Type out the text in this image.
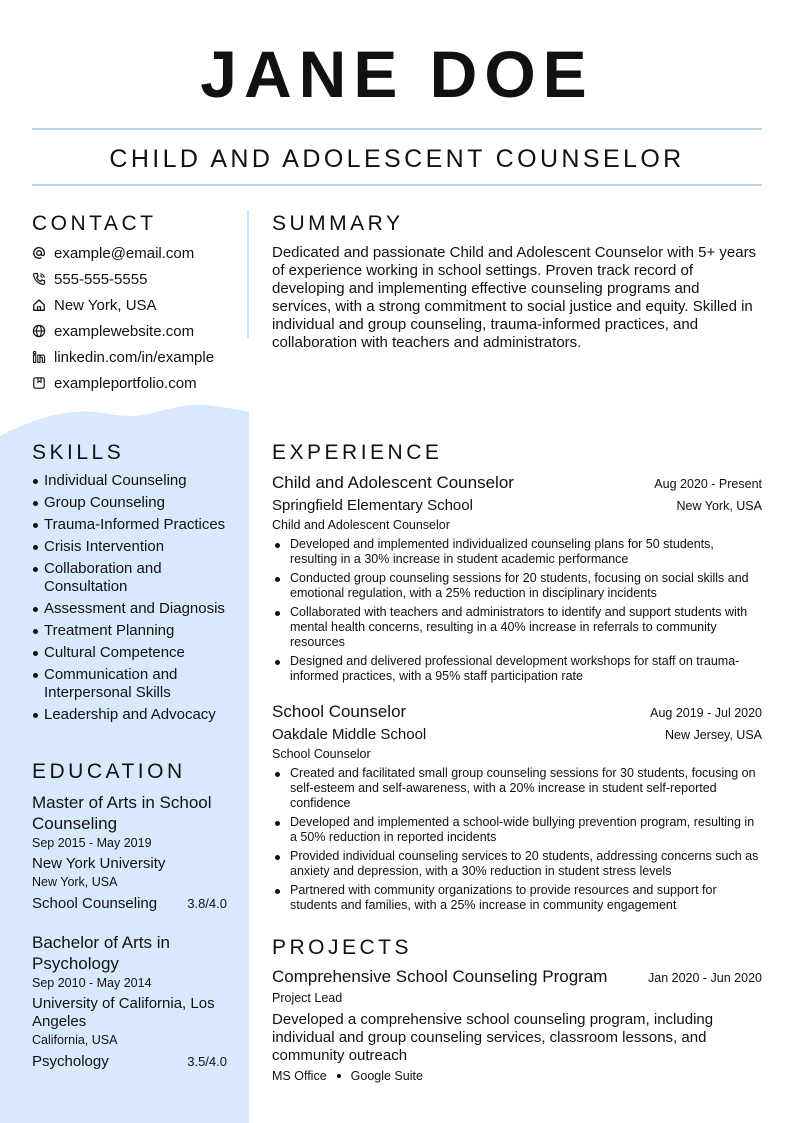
JANE DOE
CHILD AND ADOLESCENT COUNSELOR
CONTACT
example@email.com
555-555-5555
New York, USA
examplewebsite.com
linkedin.com/in/example
exampleportfolio.com
SKILLS
Individual Counseling
Group Counseling
Trauma-Informed Practices
Crisis Intervention
Collaboration and Consultation
Assessment and Diagnosis
Treatment Planning
Cultural Competence
Communication and Interpersonal Skills
Leadership and Advocacy
EDUCATION
Master of Arts in School Counseling
Sep 2015 - May 2019
New York University
New York, USA
School Counseling 3.8/4.0
Bachelor of Arts in Psychology
Sep 2010 - May 2014
University of California, Los Angeles
California, USA
Psychology	3.5/4.0
SUMMARY
Dedicated and passionate Child and Adolescent Counselor with 5+ years of experience working in school settings. Proven track record of developing and implementing effective counseling programs and services, with a strong commitment to social justice and equity. Skilled in individual and group counseling, trauma-informed practices, and collaboration with teachers and administrators.
EXPERIENCE
Child and Adolescent Counselor	Aug 2020 - Present
Springfield Elementary School	New York, USA
Child and Adolescent Counselor
Developed and implemented individualized counseling plans for 50 students, resulting in a 30% increase in student academic performance
Conducted group counseling sessions for 20 students, focusing on social skills and emotional regulation, with a 25% reduction in disciplinary incidents
Collaborated with teachers and administrators to identify and support students with mental health concerns, resulting in a 40% increase in referrals to community resources
Designed and delivered professional development workshops for staff on trauma-informed practices, with a 95% staff participation rate
School Counselor	Aug 2019 - Jul 2020
Oakdale Middle School	New Jersey, USA
School Counselor
Created and facilitated small group counseling sessions for 30 students, focusing on self-esteem and self-awareness, with a 20% increase in student self-reported confidence
Developed and implemented a school-wide bullying prevention program, resulting in a 50% reduction in reported incidents
Provided individual counseling services to 20 students, addressing concerns such as anxiety and depression, with a 30% reduction in student stress levels
Partnered with community organizations to provide resources and support for students and families, with a 25% increase in community engagement
PROJECTS
Comprehensive School Counseling Program	Jan 2020 - Jun 2020
Project Lead
Developed a comprehensive school counseling program, including individual and group counseling services, classroom lessons, and community outreach
MS Office Google Suite
